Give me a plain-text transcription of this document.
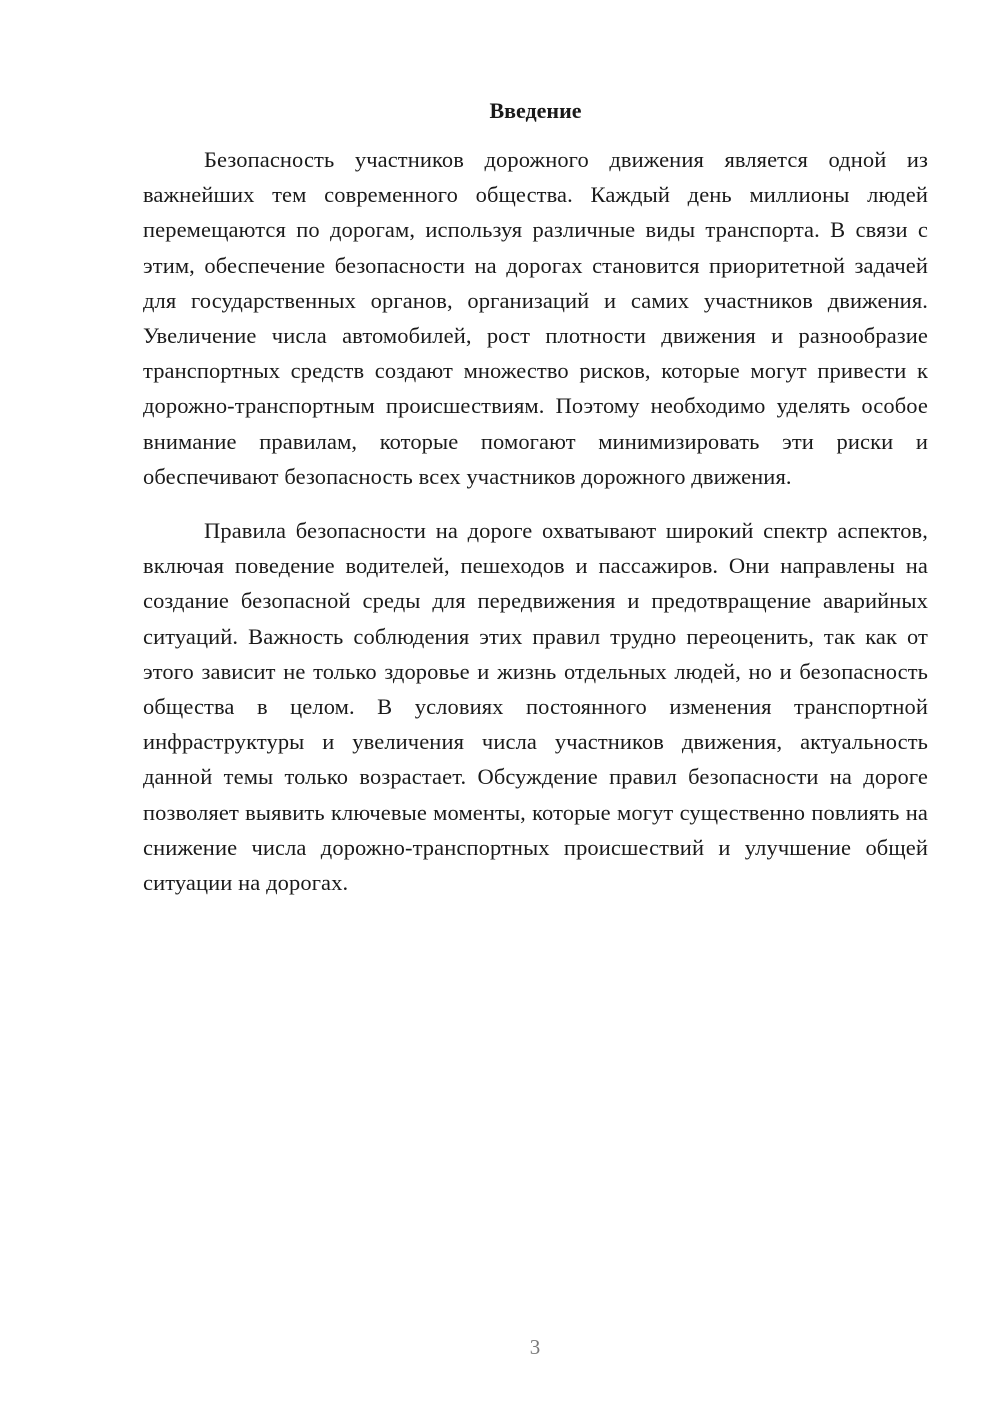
Введение

Безопасность участников дорожного движения является одной из важнейших тем современного общества. Каждый день миллионы людей перемещаются по дорогам, используя различные виды транспорта. В связи с этим, обеспечение безопасности на дорогах становится приоритетной задачей для государственных органов, организаций и самих участников движения. Увеличение числа автомобилей, рост плотности движения и разнообразие транспортных средств создают множество рисков, которые могут привести к дорожно-транспортным происшествиям. Поэтому необходимо уделять особое внимание правилам, которые помогают минимизировать эти риски и обеспечивают безопасность всех участников дорожного движения.

Правила безопасности на дороге охватывают широкий спектр аспектов, включая поведение водителей, пешеходов и пассажиров. Они направлены на создание безопасной среды для передвижения и предотвращение аварийных ситуаций. Важность соблюдения этих правил трудно переоценить, так как от этого зависит не только здоровье и жизнь отдельных людей, но и безопасность общества в целом. В условиях постоянного изменения транспортной инфраструктуры и увеличения числа участников движения, актуальность данной темы только возрастает. Обсуждение правил безопасности на дороге позволяет выявить ключевые моменты, которые могут существенно повлиять на снижение числа дорожно-транспортных происшествий и улучшение общей ситуации на дорогах.

3
